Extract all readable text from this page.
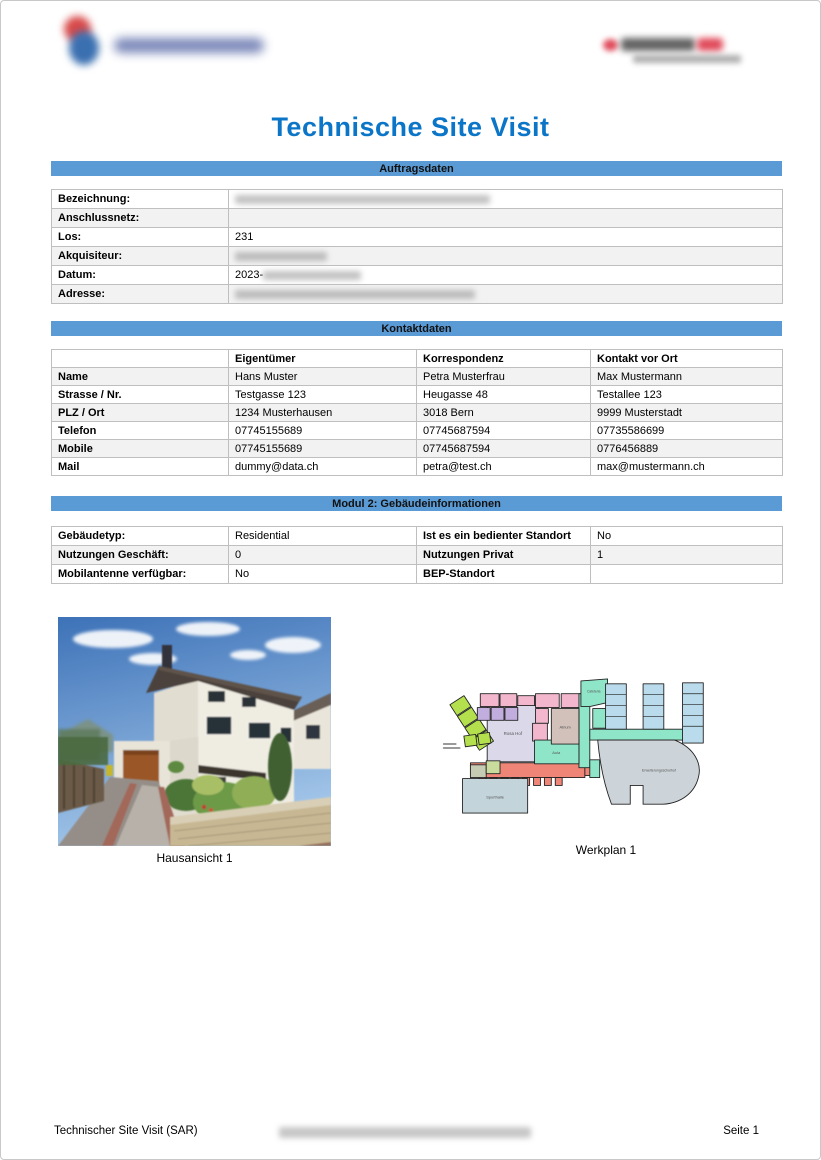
Technische Site Visit
Auftragsdaten
Bezeichnung:	
Anschlussnetz:	
Los:	231
Akquisiteur:	
Datum:	2023-
Adresse:	
Kontaktdaten
	Eigentümer	Korrespondenz	Kontakt vor Ort
Name	Hans Muster	Petra Musterfrau	Max Mustermann
Strasse / Nr.	Testgasse 123	Heugasse 48	Testallee 123
PLZ / Ort	1234 Musterhausen	3018 Bern	9999 Musterstadt
Telefon	07745155689	07745687594	07735586699
Mobile	07745155689	07745687594	0776456889
Mail	dummy@data.ch	petra@test.ch	max@mustermann.ch
Modul 2: Gebäudeinformationen
Gebäudetyp:	Residential	Ist es ein bedienter Standort	No
Nutzungen Geschäft:	0	Nutzungen Privat	1
Mobilantenne verfügbar:	No	BEP-Standort	
Hausansicht 1
Rosa Hof
Aula
Atrium
Cafeteria
Sporthalle
Erweiterungsschulhof
Werkplan 1
Technischer Site Visit (SAR)	Seite 1
